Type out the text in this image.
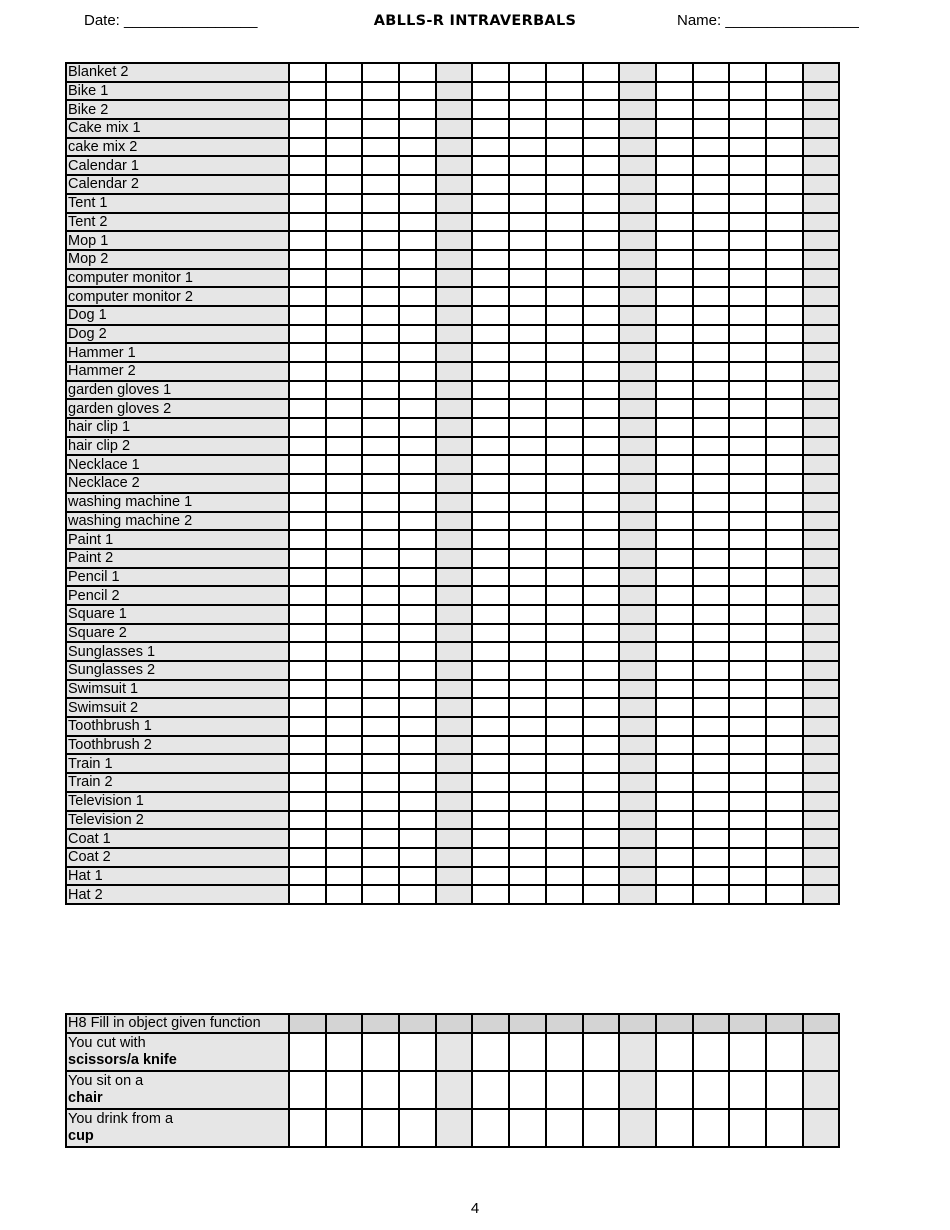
Date: ________________	ABLLS-R INTRAVERBALS	Name: ________________
Blanket 2															
Bike 1															
Bike 2															
Cake mix 1															
cake mix 2															
Calendar 1															
Calendar 2															
Tent 1															
Tent 2															
Mop 1															
Mop 2															
computer monitor 1															
computer monitor 2															
Dog 1															
Dog 2															
Hammer 1															
Hammer 2															
garden gloves 1															
garden gloves 2															
hair clip 1															
hair clip 2															
Necklace 1															
Necklace 2															
washing machine 1															
washing machine 2															
Paint 1															
Paint 2															
Pencil 1															
Pencil 2															
Square 1															
Square 2															
Sunglasses 1															
Sunglasses 2															
Swimsuit 1															
Swimsuit 2															
Toothbrush 1															
Toothbrush 2															
Train 1															
Train 2															
Television 1															
Television 2															
Coat 1															
Coat 2															
Hat 1															
Hat 2															
H8 Fill in object given function															

You cut with
scissors/a knife															

You sit on a
chair															

You drink from a
cup															

4
